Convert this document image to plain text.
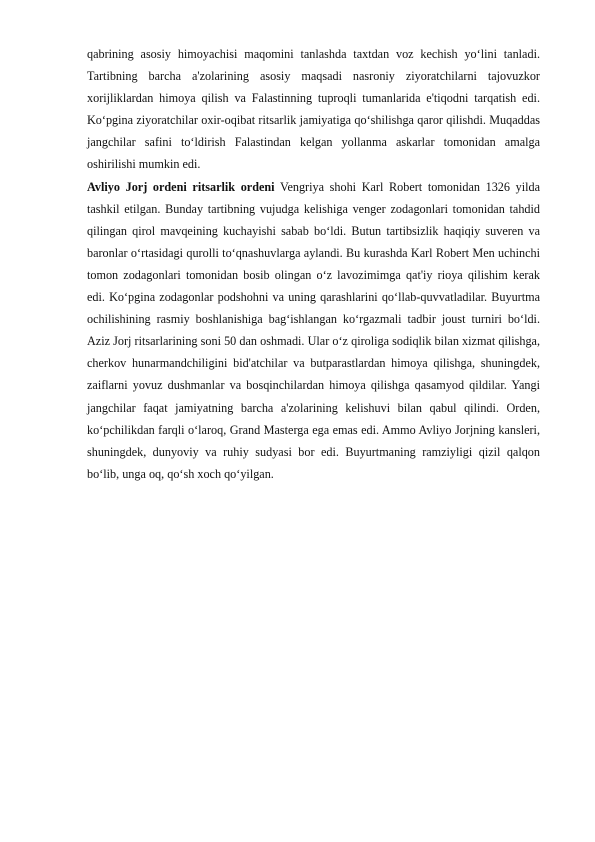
qabrining asosiy himoyachisi maqomini tanlashda taxtdan voz kechish yo‘lini tanladi. Tartibning barcha a'zolarining asosiy maqsadi nasroniy ziyoratchilarni tajovuzkor xorijliklardan himoya qilish va Falastinning tuproqli tumanlarida e'tiqodni tarqatish edi. Ko‘pgina ziyoratchilar oxir-oqibat ritsarlik jamiyatiga qo‘shilishga qaror qilishdi. Muqaddas jangchilar safini to‘ldirish Falastindan kelgan yollanma askarlar tomonidan amalga oshirilishi mumkin edi.

Avliyo Jorj ordeni ritsarlik ordeni Vengriya shohi Karl Robert tomonidan 1326 yilda tashkil etilgan. Bunday tartibning vujudga kelishiga venger zodagonlari tomonidan tahdid qilingan qirol mavqeining kuchayishi sabab bo‘ldi. Butun tartibsizlik haqiqiy suveren va baronlar o‘rtasidagi qurolli to‘qnashuvlarga aylandi. Bu kurashda Karl Robert Men uchinchi tomon zodagonlari tomonidan bosib olingan o‘z lavozimimga qat'iy rioya qilishim kerak edi. Ko‘pgina zodagonlar podshohni va uning qarashlarini qo‘llab-quvvatladilar. Buyurtma ochilishining rasmiy boshlanishiga bag‘ishlangan ko‘rgazmali tadbir joust turniri bo‘ldi. Aziz Jorj ritsarlarining soni 50 dan oshmadi. Ular o‘z qiroliga sodiqlik bilan xizmat qilishga, cherkov hunarmandchiligini bid'atchilar va butparastlardan himoya qilishga, shuningdek, zaiflarni yovuz dushmanlar va bosqinchilardan himoya qilishga qasamyod qildilar. Yangi jangchilar faqat jamiyatning barcha a'zolarining kelishuvi bilan qabul qilindi. Orden, ko‘pchilikdan farqli o‘laroq, Grand Masterga ega emas edi. Ammo Avliyo Jorjning kansleri, shuningdek, dunyoviy va ruhiy sudyasi bor edi. Buyurtmaning ramziyligi qizil qalqon bo‘lib, unga oq, qo‘sh xoch qo‘yilgan.
